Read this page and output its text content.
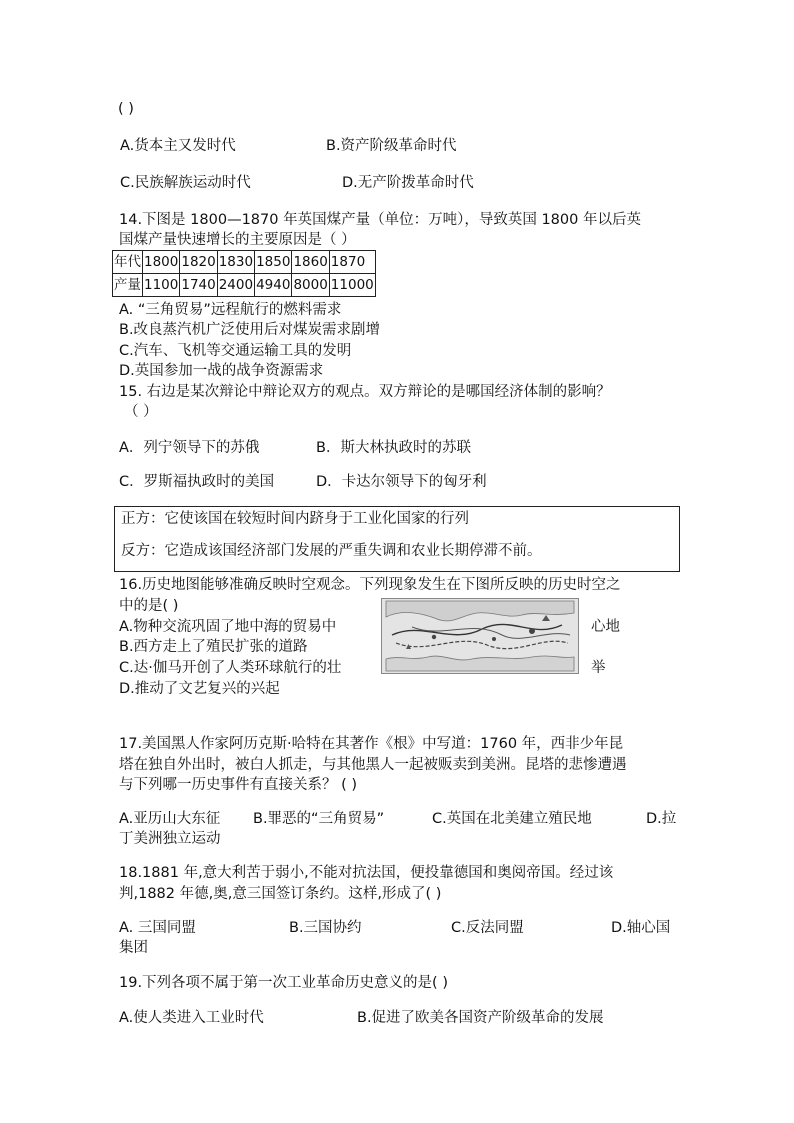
( )
A.货本主又发时代	B.资产阶级革命时代
C.民族解族运动时代	D.无产阶拨革命时代
14.下图是 1800—1870 年英国煤产量（单位：万吨），导致英国 1800 年以后英
国煤产量快速增长的主要原因是（ ）
年代	1800	1820	1830	1850	1860	1870
产量	1100	1740	2400	4940	8000	11000
A. “三角贸易”远程航行的燃料需求
B.改良蒸汽机广泛使用后对煤炭需求剧增
C.汽车、飞机等交通运输工具的发明
D.英国参加一战的战争资源需求
15. 右边是某次辩论中辩论双方的观点。双方辩论的是哪国经济体制的影响？
（ ）
A．列宁领导下的苏俄	B．斯大林执政时的苏联
C．罗斯福执政时的美国	D．卡达尔领导下的匈牙利
正方：它使该国在较短时间内跻身于工业化国家的行列
反方：它造成该国经济部门发展的严重失调和农业长期停滞不前。
16.历史地图能够准确反映时空观念。下列现象发生在下图所反映的历史时空之
中的是( )
A.物种交流巩固了地中海的贸易中	心地
B.西方走上了殖民扩张的道路
C.达·伽马开创了人类环球航行的壮	举
D.推动了文艺复兴的兴起
17.美国黑人作家阿历克斯·哈特在其著作《根》中写道：1760 年，西非少年昆
塔在独自外出时，被白人抓走，与其他黑人一起被贩卖到美洲。昆塔的悲惨遭遇
与下列哪一历史事件有直接关系？ ( )
A.亚历山大东征 B.罪恶的“三角贸易”	C.英国在北美建立殖民地	D.拉
丁美洲独立运动
18.1881 年,意大利苦于弱小,不能对抗法国，便投靠德国和奥阅帝国。经过该
判,1882 年德,奥,意三国签订条约。这样,形成了( )
A. 三国同盟	B.三国协约	C.反法同盟	D.轴心国
集团
19.下列各项不属于第一次工业革命历史意义的是( )
A.使人类进入工业时代	B.促进了欧美各国资产阶级革命的发展
